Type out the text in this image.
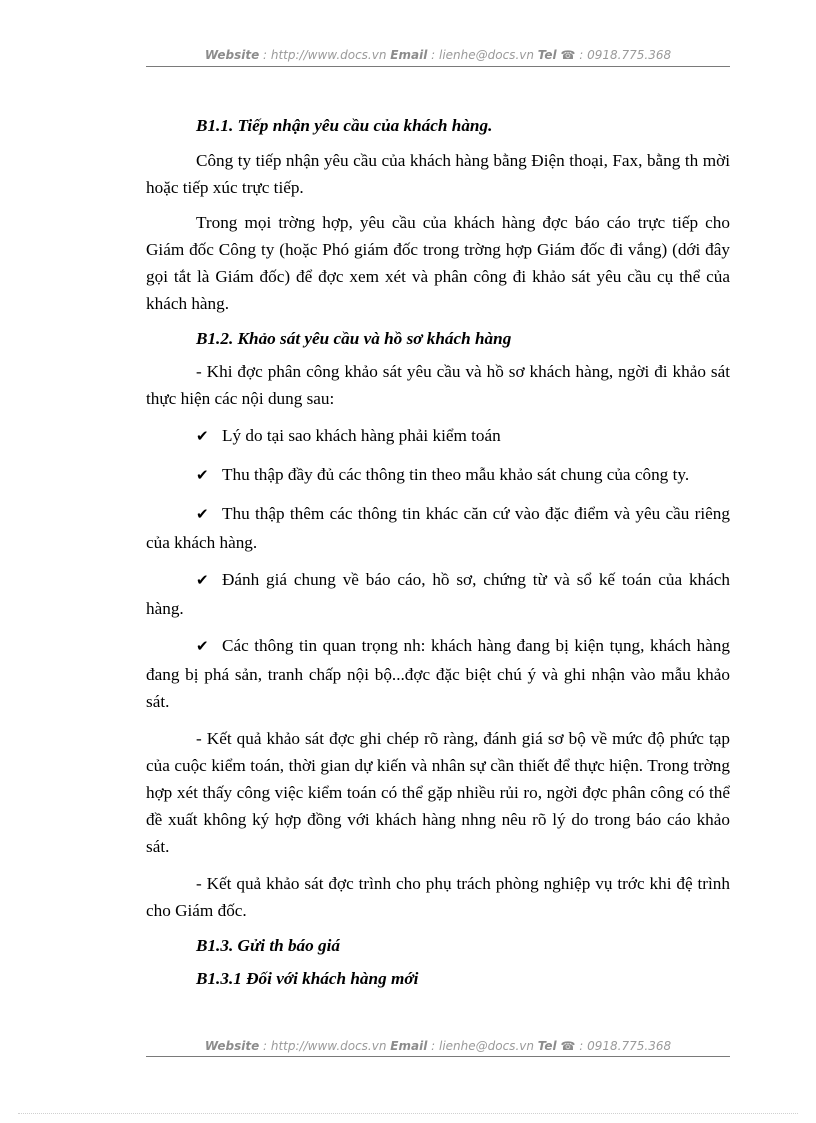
Website : http://www.docs.vn Email : lienhe@docs.vn Tel ☎ : 0918.775.368

B1.1. Tiếp nhận yêu cầu của khách hàng.

Công ty tiếp nhận yêu cầu của khách hàng bằng Điện thoại, Fax, bằng th mời hoặc tiếp xúc trực tiếp.

Trong mọi trờng hợp, yêu cầu của khách hàng đợc báo cáo trực tiếp cho Giám đốc Công ty (hoặc Phó giám đốc trong trờng hợp Giám đốc đi vắng) (dới đây gọi tắt là Giám đốc) để đợc xem xét và phân công đi khảo sát yêu cầu cụ thể của khách hàng.

B1.2. Khảo sát yêu cầu và hồ sơ khách hàng

- Khi đợc phân công khảo sát yêu cầu và hồ sơ khách hàng, ngời đi khảo sát thực hiện các nội dung sau:

✔ Lý do tại sao khách hàng phải kiểm toán

✔ Thu thập đầy đủ các thông tin theo mẫu khảo sát chung của công ty.

✔ Thu thập thêm các thông tin khác căn cứ vào đặc điểm và yêu cầu riêng của khách hàng.

✔ Đánh giá chung về báo cáo, hồ sơ, chứng từ và sổ kế toán của khách hàng.

✔ Các thông tin quan trọng nh: khách hàng đang bị kiện tụng, khách hàng đang bị phá sản, tranh chấp nội bộ...đợc đặc biệt chú ý và ghi nhận vào mẫu khảo sát.

- Kết quả khảo sát đợc ghi chép rõ ràng, đánh giá sơ bộ về mức độ phức tạp của cuộc kiểm toán, thời gian dự kiến và nhân sự cần thiết để thực hiện. Trong trờng hợp xét thấy công việc kiểm toán có thể gặp nhiều rủi ro, ngời đợc phân công có thể đề xuất không ký hợp đồng với khách hàng nhng nêu rõ lý do trong báo cáo khảo sát.

- Kết quả khảo sát đợc trình cho phụ trách phòng nghiệp vụ trớc khi đệ trình cho Giám đốc.

B1.3. Gửi th báo giá

B1.3.1 Đối với khách hàng mới

Website : http://www.docs.vn Email : lienhe@docs.vn Tel ☎ : 0918.775.368
